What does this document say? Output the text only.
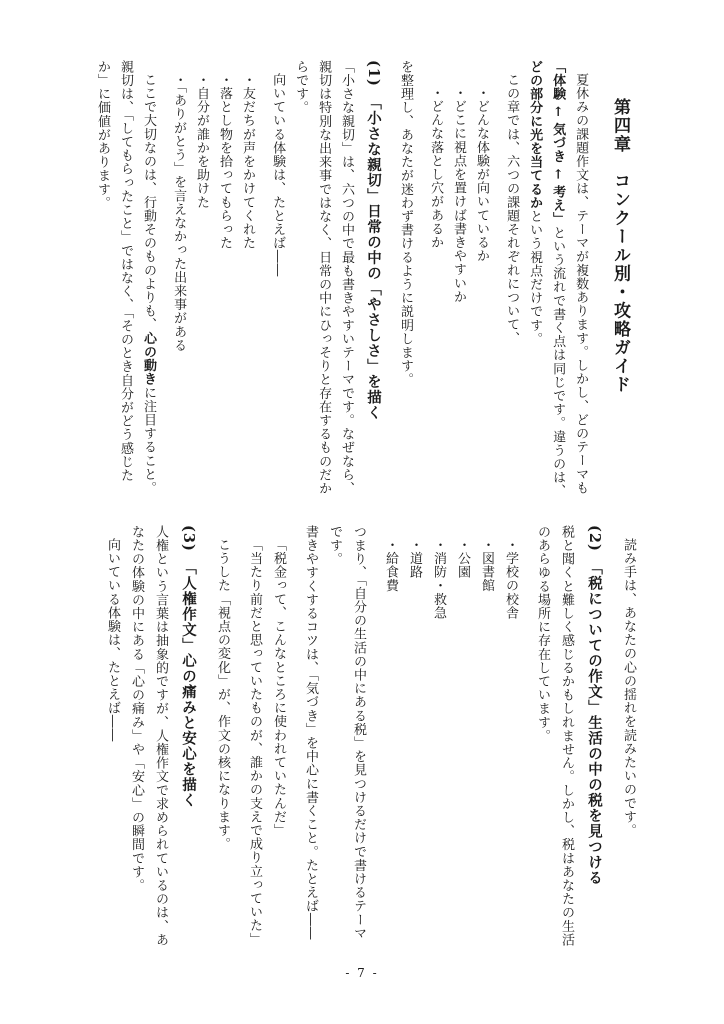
第四章　コンクール別・攻略ガイド
夏休みの課題作文は、テーマが複数あります。しかし、どのテーマも
「体験 ← 気づき ← 考え」という流れで書く点は同じです。違うのは、
どの部分に光を当てるかという視点だけです。
この章では、六つの課題それぞれについて、
・どんな体験が向いているか
・どこに視点を置けば書きやすいか
・どんな落とし穴があるか
を整理し、あなたが迷わず書けるように説明します。
(1)　「小さな親切」日常の中の「やさしさ」を描く
「小さな親切」は、六つの中で最も書きやすいテーマです。なぜなら、
親切は特別な出来事ではなく、日常の中にひっそりと存在するものだか
らです。
向いている体験は、たとえば――
・友だちが声をかけてくれた
・落とし物を拾ってもらった
・自分が誰かを助けた
・「ありがとう」を言えなかった出来事がある
ここで大切なのは、行動そのものよりも、心の動きに注目すること。
親切は、「してもらったこと」ではなく、「そのとき自分がどう感じた
か」に価値があります。
読み手は、あなたの心の揺れを読みたいのです。
(2)　「税についての作文」生活の中の税を見つける
税と聞くと難しく感じるかもしれません。しかし、税はあなたの生活
のあらゆる場所に存在しています。
・学校の校舎
・図書館
・公園
・消防・救急
・道路
・給食費
つまり、「自分の生活の中にある税」を見つけるだけで書けるテーマ
です。
書きやすくするコツは、「気づき」を中心に書くこと。たとえば――
「税金って、こんなところに使われていたんだ」
「当たり前だと思っていたものが、誰かの支えで成り立っていた」
こうした「視点の変化」が、作文の核になります。
(3)　「人権作文」心の痛みと安心を描く
人権という言葉は抽象的ですが、人権作文で求められているのは、あ
なたの体験の中にある「心の痛み」や「安心」の瞬間です。
向いている体験は、たとえば――
- 7 -
